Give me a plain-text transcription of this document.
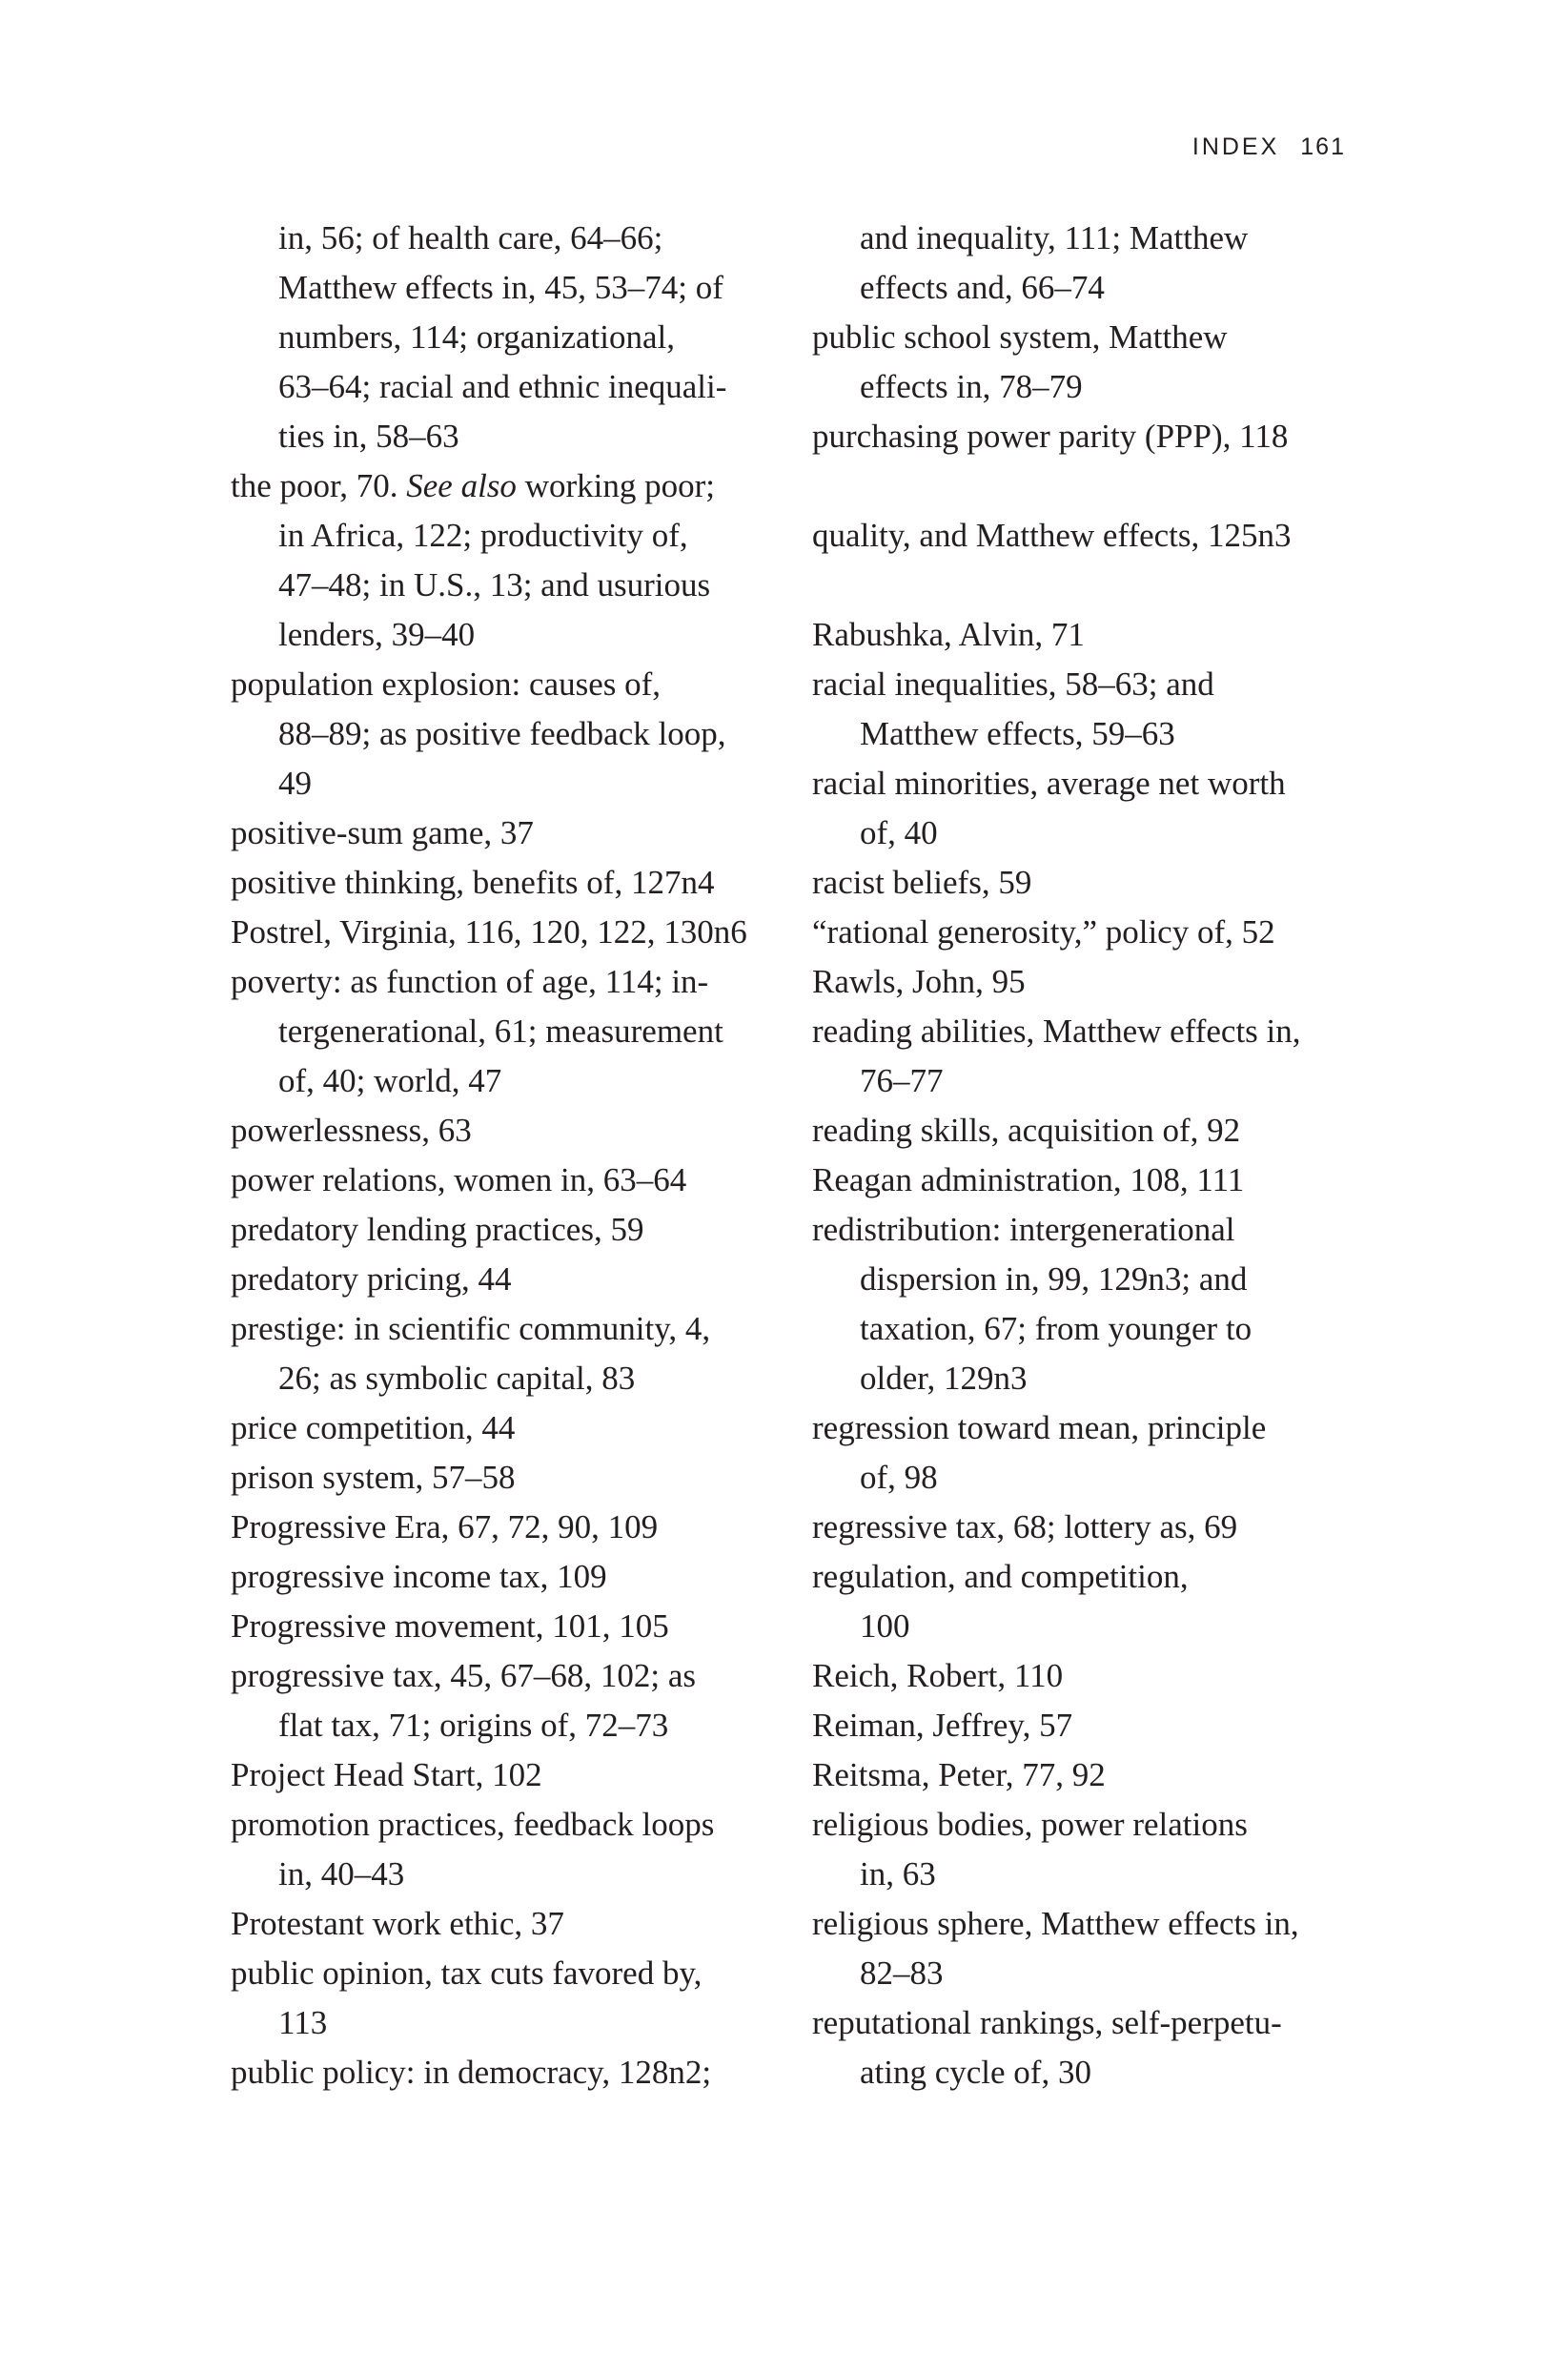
INDEX 161
in, 56; of health care, 64–66;
Matthew effects in, 45, 53–74; of
numbers, 114; organizational,
63–64; racial and ethnic inequali-
ties in, 58–63
the poor, 70. See also working poor;
in Africa, 122; productivity of,
47–48; in U.S., 13; and usurious
lenders, 39–40
population explosion: causes of,
88–89; as positive feedback loop,
49
positive-sum game, 37
positive thinking, benefits of, 127n4
Postrel, Virginia, 116, 120, 122, 130n6
poverty: as function of age, 114; in-
tergenerational, 61; measurement
of, 40; world, 47
powerlessness, 63
power relations, women in, 63–64
predatory lending practices, 59
predatory pricing, 44
prestige: in scientific community, 4,
26; as symbolic capital, 83
price competition, 44
prison system, 57–58
Progressive Era, 67, 72, 90, 109
progressive income tax, 109
Progressive movement, 101, 105
progressive tax, 45, 67–68, 102; as
flat tax, 71; origins of, 72–73
Project Head Start, 102
promotion practices, feedback loops
in, 40–43
Protestant work ethic, 37
public opinion, tax cuts favored by,
113
public policy: in democracy, 128n2;
and inequality, 111; Matthew
effects and, 66–74
public school system, Matthew
effects in, 78–79
purchasing power parity (PPP), 118
quality, and Matthew effects, 125n3
Rabushka, Alvin, 71
racial inequalities, 58–63; and
Matthew effects, 59–63
racial minorities, average net worth
of, 40
racist beliefs, 59
“rational generosity,” policy of, 52
Rawls, John, 95
reading abilities, Matthew effects in,
76–77
reading skills, acquisition of, 92
Reagan administration, 108, 111
redistribution: intergenerational
dispersion in, 99, 129n3; and
taxation, 67; from younger to
older, 129n3
regression toward mean, principle
of, 98
regressive tax, 68; lottery as, 69
regulation, and competition,
100
Reich, Robert, 110
Reiman, Jeffrey, 57
Reitsma, Peter, 77, 92
religious bodies, power relations
in, 63
religious sphere, Matthew effects in,
82–83
reputational rankings, self-perpetu-
ating cycle of, 30
